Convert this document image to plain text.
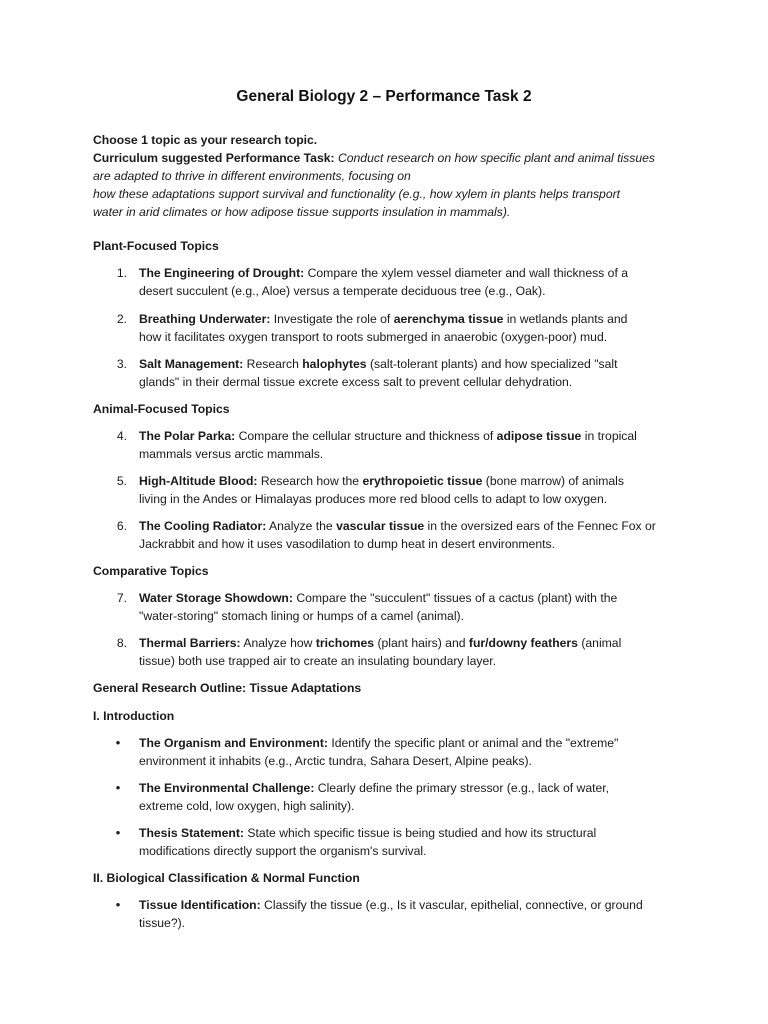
General Biology 2 – Performance Task 2
Choose 1 topic as your research topic.
Curriculum suggested Performance Task: Conduct research on how specific plant and animal tissues
are adapted to thrive in different environments, focusing on
how these adaptations support survival and functionality (e.g., how xylem in plants helps transport
water in arid climates or how adipose tissue supports insulation in mammals).
Plant-Focused Topics
1. The Engineering of Drought: Compare the xylem vessel diameter and wall thickness of a
desert succulent (e.g., Aloe) versus a temperate deciduous tree (e.g., Oak).
2. Breathing Underwater: Investigate the role of aerenchyma tissue in wetlands plants and
how it facilitates oxygen transport to roots submerged in anaerobic (oxygen-poor) mud.
3. Salt Management: Research halophytes (salt-tolerant plants) and how specialized "salt
glands" in their dermal tissue excrete excess salt to prevent cellular dehydration.
Animal-Focused Topics
4. The Polar Parka: Compare the cellular structure and thickness of adipose tissue in tropical
mammals versus arctic mammals.
5. High-Altitude Blood: Research how the erythropoietic tissue (bone marrow) of animals
living in the Andes or Himalayas produces more red blood cells to adapt to low oxygen.
6. The Cooling Radiator: Analyze the vascular tissue in the oversized ears of the Fennec Fox or
Jackrabbit and how it uses vasodilation to dump heat in desert environments.
Comparative Topics
7. Water Storage Showdown: Compare the "succulent" tissues of a cactus (plant) with the
"water-storing" stomach lining or humps of a camel (animal).
8. Thermal Barriers: Analyze how trichomes (plant hairs) and fur/downy feathers (animal
tissue) both use trapped air to create an insulating boundary layer.
General Research Outline: Tissue Adaptations
I. Introduction
• The Organism and Environment: Identify the specific plant or animal and the "extreme"
environment it inhabits (e.g., Arctic tundra, Sahara Desert, Alpine peaks).
• The Environmental Challenge: Clearly define the primary stressor (e.g., lack of water,
extreme cold, low oxygen, high salinity).
• Thesis Statement: State which specific tissue is being studied and how its structural
modifications directly support the organism's survival.
II. Biological Classification & Normal Function
• Tissue Identification: Classify the tissue (e.g., Is it vascular, epithelial, connective, or ground
tissue?).
